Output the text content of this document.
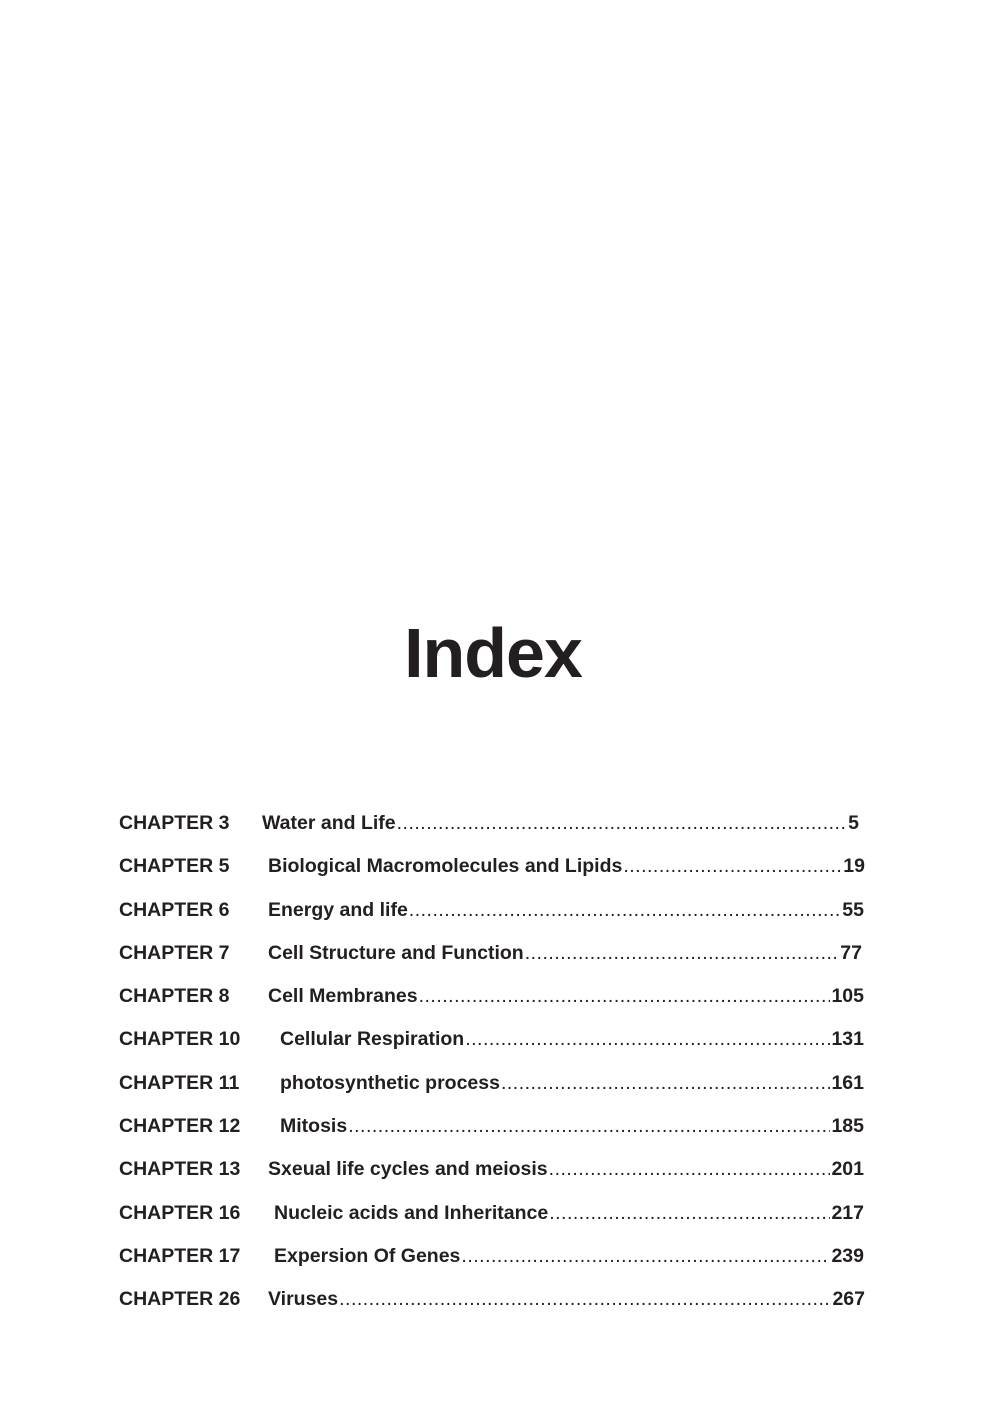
Index
CHAPTER 3	Water and Life .....	5
CHAPTER 5	Biological Macromolecules and Lipids .....	19
CHAPTER 6	Energy and life .....	55
CHAPTER 7	Cell Structure and Function .....	77
CHAPTER 8	Cell Membranes .....	105
CHAPTER 10	Cellular Respiration .....	131
CHAPTER 11	photosynthetic process .....	161
CHAPTER 12	Mitosis .....	185
CHAPTER 13	Sxeual life cycles and meiosis .....	201
CHAPTER 16	Nucleic acids and Inheritance .....	217
CHAPTER 17	Expersion Of Genes .....	239
CHAPTER 26	Viruses .....	267
